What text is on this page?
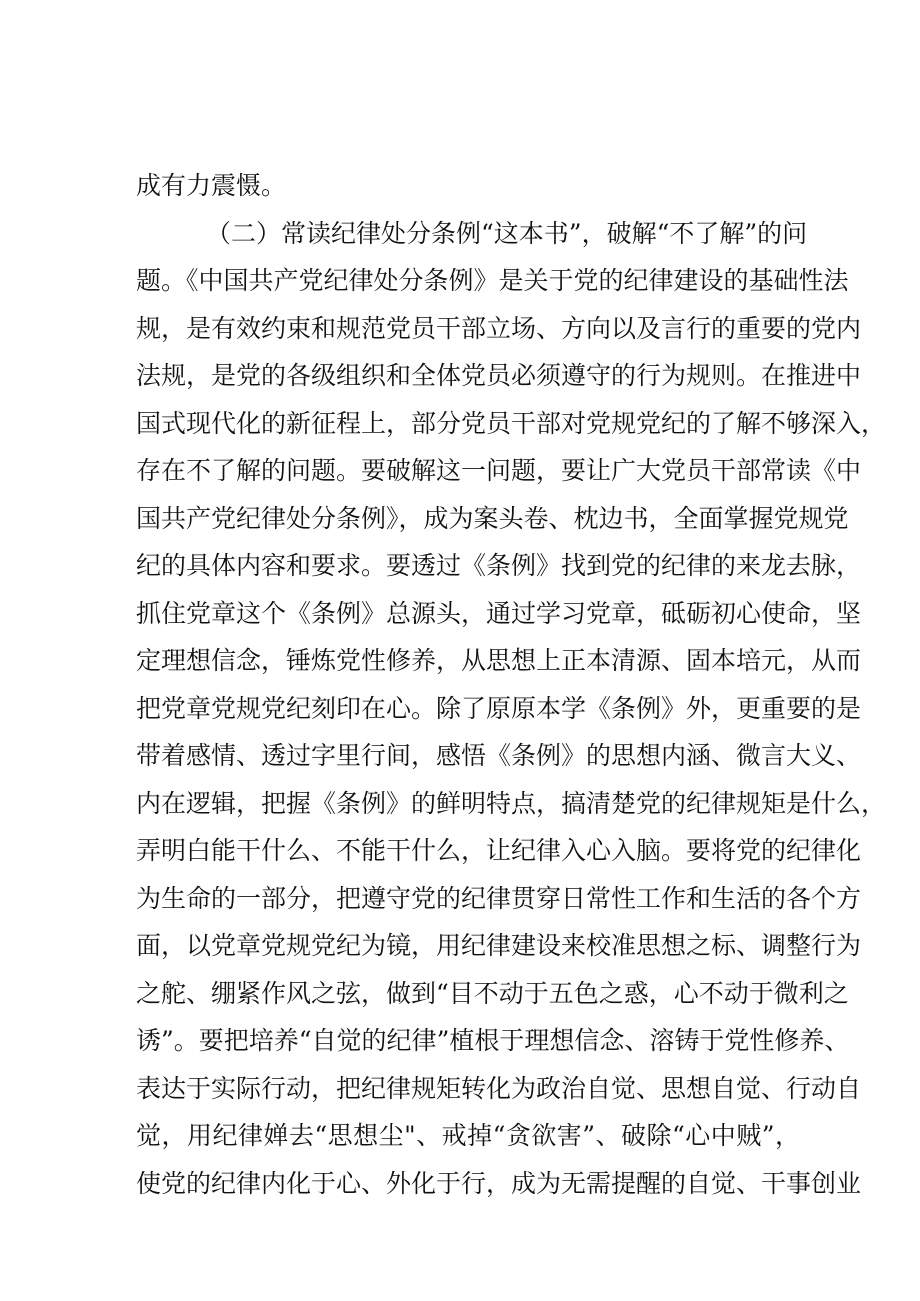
成有力震慑。
（二）常读纪律处分条例“这本书”，破解“不了解”的问
题。《中国共产党纪律处分条例》是关于党的纪律建设的基础性法
规，是有效约束和规范党员干部立场、方向以及言行的重要的党内
法规，是党的各级组织和全体党员必须遵守的行为规则。在推进中
国式现代化的新征程上，部分党员干部对党规党纪的了解不够深入，
存在不了解的问题。要破解这一问题，要让广大党员干部常读《中
国共产党纪律处分条例》，成为案头卷、枕边书，全面掌握党规党
纪的具体内容和要求。要透过《条例》找到党的纪律的来龙去脉，
抓住党章这个《条例》总源头，通过学习党章，砥砺初心使命，坚
定理想信念，锤炼党性修养，从思想上正本清源、固本培元，从而
把党章党规党纪刻印在心。除了原原本学《条例》外，更重要的是
带着感情、透过字里行间，感悟《条例》的思想内涵、微言大义、
内在逻辑，把握《条例》的鲜明特点，搞清楚党的纪律规矩是什么，
弄明白能干什么、不能干什么，让纪律入心入脑。要将党的纪律化
为生命的一部分，把遵守党的纪律贯穿日常性工作和生活的各个方
面，以党章党规党纪为镜，用纪律建设来校准思想之标、调整行为
之舵、绷紧作风之弦，做到“目不动于五色之惑，心不动于微利之
诱”。要把培养“自觉的纪律”植根于理想信念、溶铸于党性修养、
表达于实际行动，把纪律规矩转化为政治自觉、思想自觉、行动自
觉，用纪律婵去“思想尘"、戒掉“贪欲害”、破除“心中贼”，
使党的纪律内化于心、外化于行，成为无需提醒的自觉、干事创业
